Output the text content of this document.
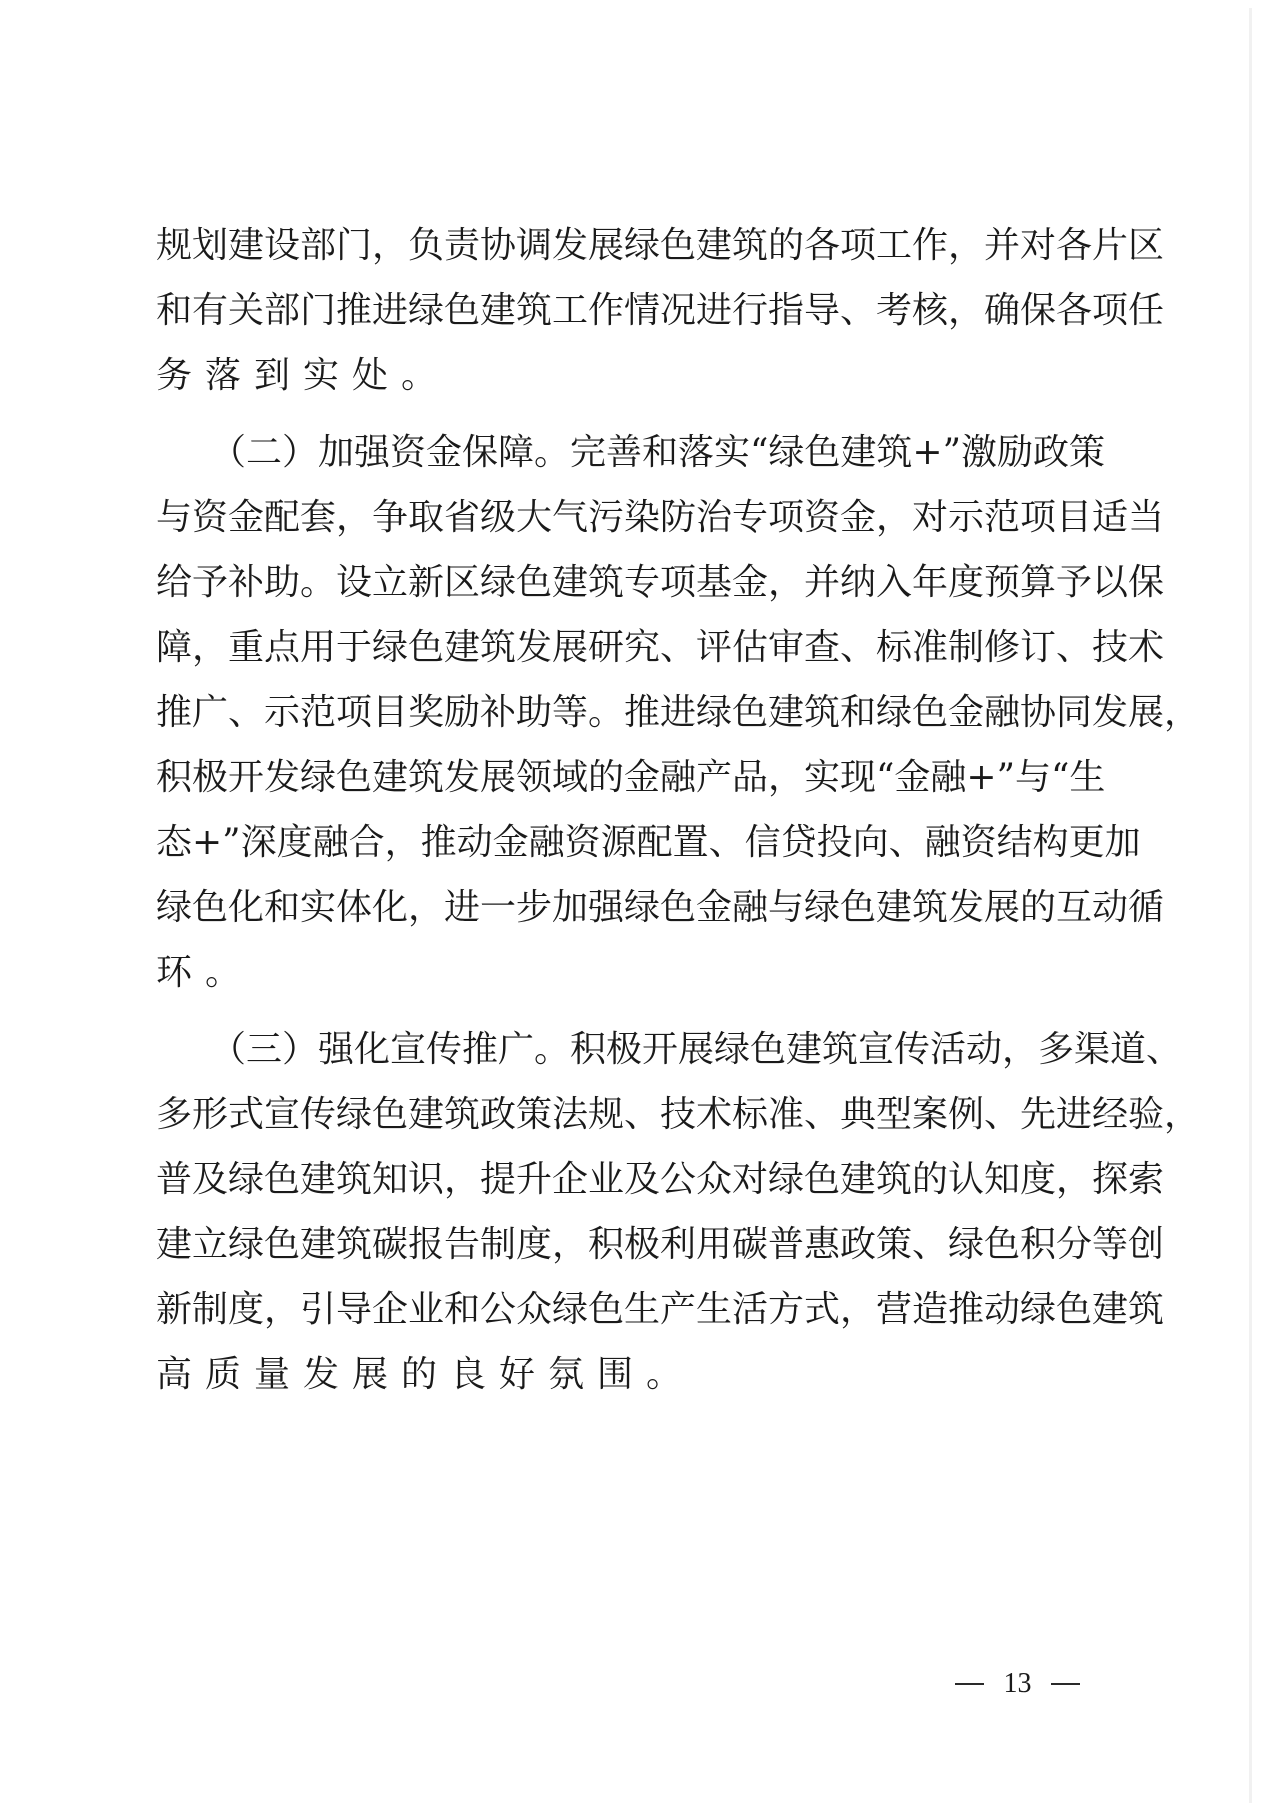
规划建设部门，负责协调发展绿色建筑的各项工作，并对各片区
和有关部门推进绿色建筑工作情况进行指导、考核，确保各项任
务落到实处。
　　（二）加强资金保障。完善和落实“绿色建筑+”激励政策
与资金配套，争取省级大气污染防治专项资金，对示范项目适当
给予补助。设立新区绿色建筑专项基金，并纳入年度预算予以保
障，重点用于绿色建筑发展研究、评估审查、标准制修订、技术
推广、示范项目奖励补助等。推进绿色建筑和绿色金融协同发展，
积极开发绿色建筑发展领域的金融产品，实现“金融+”与“生
态+”深度融合，推动金融资源配置、信贷投向、融资结构更加
绿色化和实体化，进一步加强绿色金融与绿色建筑发展的互动循
环。
　　（三）强化宣传推广。积极开展绿色建筑宣传活动，多渠道、
多形式宣传绿色建筑政策法规、技术标准、典型案例、先进经验，
普及绿色建筑知识，提升企业及公众对绿色建筑的认知度，探索
建立绿色建筑碳报告制度，积极利用碳普惠政策、绿色积分等创
新制度，引导企业和公众绿色生产生活方式，营造推动绿色建筑
高质量发展的良好氛围。
13
